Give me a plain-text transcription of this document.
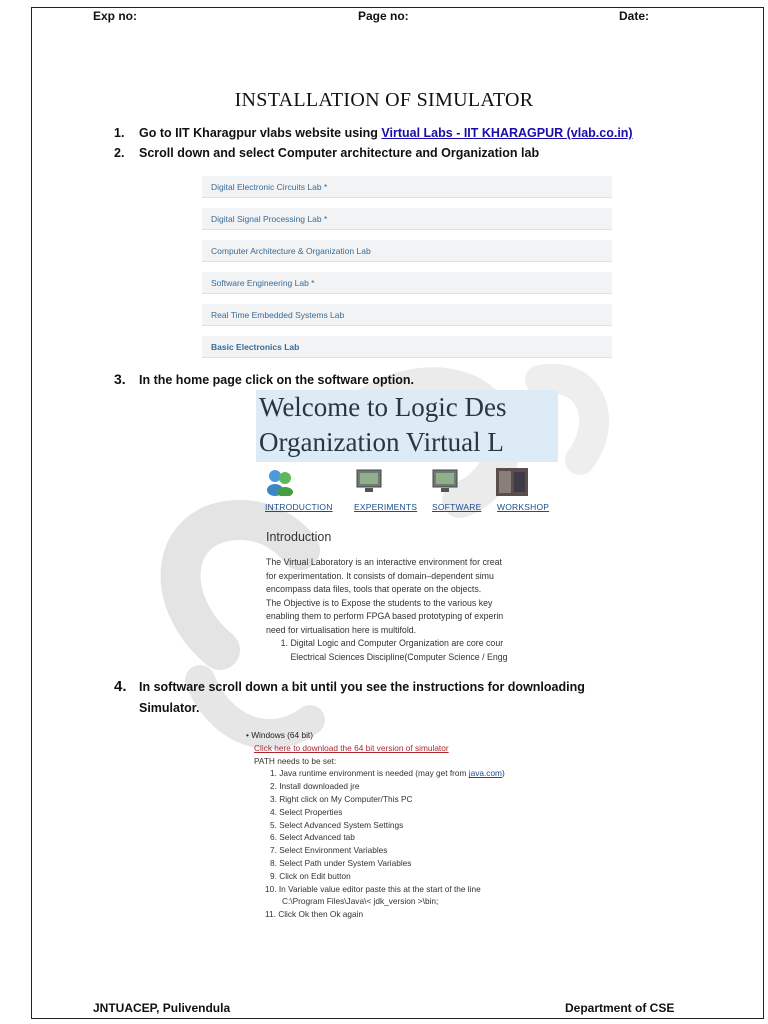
Exp no:	Page no:	Date:
INSTALLATION OF SIMULATOR
1. Go to IIT Kharagpur vlabs website using Virtual Labs - IIT KHARAGPUR (vlab.co.in)
2. Scroll down and select Computer architecture and Organization lab
Digital Electronic Circuits Lab *
Digital Signal Processing Lab *
Computer Architecture & Organization Lab
Software Engineering Lab *
Real Time Embedded Systems Lab
Basic Electronics Lab
3. In the home page click on the software option.
Welcome to Logic Des
Organization Virtual L
INTRODUCTION	EXPERIMENTS SOFTWARE WORKSHOP
Introduction
The Virtual Laboratory is an interactive environment for creat
for experimentation. It consists of domain–dependent simu
encompass data files, tools that operate on the objects.
The Objective is to Expose the students to the various key
enabling them to perform FPGA based prototyping of experin
need for virtualisation here is multifold.
1. Digital Logic and Computer Organization are core cour
Electrical Sciences Discipline(Computer Science / Engg
4. In software scroll down a bit until you see the instructions for downloading
Simulator.
• Windows (64 bit)
Click here to download the 64 bit version of simulator
PATH needs to be set:
1. Java runtime environment is needed (may get from java.com)
2. Install downloaded jre
3. Right click on My Computer/This PC
4. Select Properties
5. Select Advanced System Settings
6. Select Advanced tab
7. Select Environment Variables
8. Select Path under System Variables
9. Click on Edit button
10. In Variable value editor paste this at the start of the line
C:\Program Files\Java\< jdk_version >\bin;
11. Click Ok then Ok again
JNTUACEP, Pulivendula	Department of CSE
